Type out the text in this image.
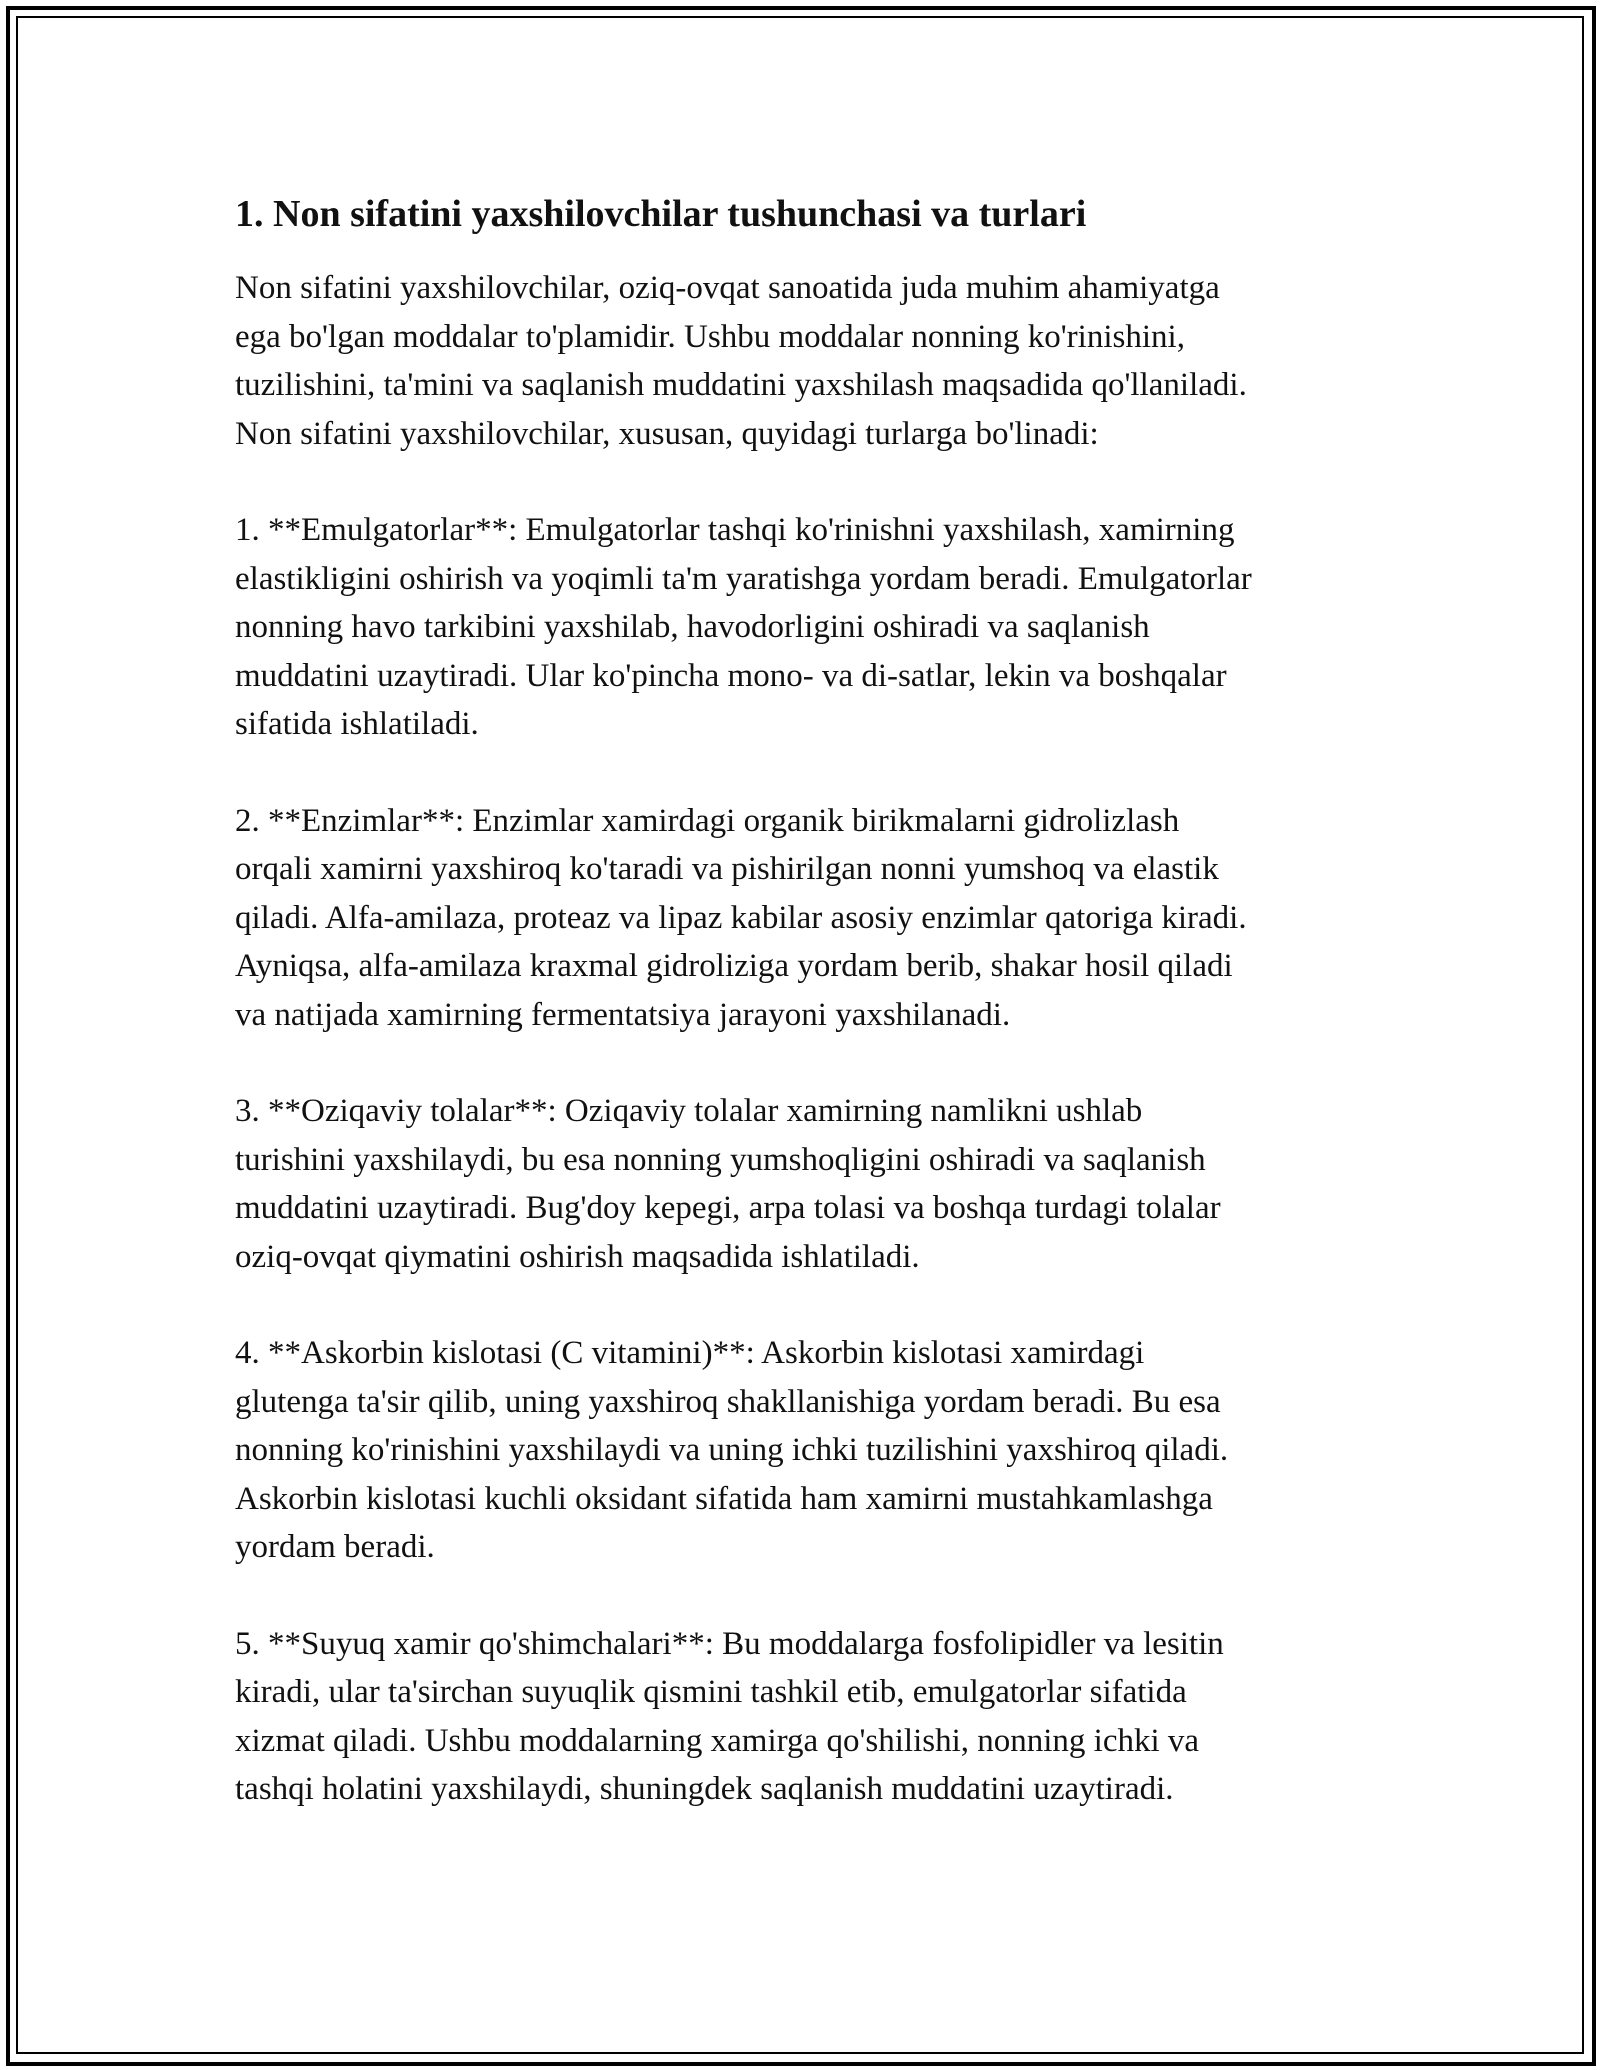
1. Non sifatini yaxshilovchilar tushunchasi va turlari

Non sifatini yaxshilovchilar, oziq-ovqat sanoatida juda muhim ahamiyatga
ega bo'lgan moddalar to'plamidir. Ushbu moddalar nonning ko'rinishini,
tuzilishini, ta'mini va saqlanish muddatini yaxshilash maqsadida qo'llaniladi.
Non sifatini yaxshilovchilar, xususan, quyidagi turlarga bo'linadi:

1. **Emulgatorlar**: Emulgatorlar tashqi ko'rinishni yaxshilash, xamirning
elastikligini oshirish va yoqimli ta'm yaratishga yordam beradi. Emulgatorlar
nonning havo tarkibini yaxshilab, havodorligini oshiradi va saqlanish
muddatini uzaytiradi. Ular ko'pincha mono- va di-satlar, lekin va boshqalar
sifatida ishlatiladi.

2. **Enzimlar**: Enzimlar xamirdagi organik birikmalarni gidrolizlash
orqali xamirni yaxshiroq ko'taradi va pishirilgan nonni yumshoq va elastik
qiladi. Alfa-amilaza, proteaz va lipaz kabilar asosiy enzimlar qatoriga kiradi.
Ayniqsa, alfa-amilaza kraxmal gidroliziga yordam berib, shakar hosil qiladi
va natijada xamirning fermentatsiya jarayoni yaxshilanadi.

3. **Oziqaviy tolalar**: Oziqaviy tolalar xamirning namlikni ushlab
turishini yaxshilaydi, bu esa nonning yumshoqligini oshiradi va saqlanish
muddatini uzaytiradi. Bug'doy kepegi, arpa tolasi va boshqa turdagi tolalar
oziq-ovqat qiymatini oshirish maqsadida ishlatiladi.

4. **Askorbin kislotasi (C vitamini)**: Askorbin kislotasi xamirdagi
glutenga ta'sir qilib, uning yaxshiroq shakllanishiga yordam beradi. Bu esa
nonning ko'rinishini yaxshilaydi va uning ichki tuzilishini yaxshiroq qiladi.
Askorbin kislotasi kuchli oksidant sifatida ham xamirni mustahkamlashga
yordam beradi.

5. **Suyuq xamir qo'shimchalari**: Bu moddalarga fosfolipidler va lesitin
kiradi, ular ta'sirchan suyuqlik qismini tashkil etib, emulgatorlar sifatida
xizmat qiladi. Ushbu moddalarning xamirga qo'shilishi, nonning ichki va
tashqi holatini yaxshilaydi, shuningdek saqlanish muddatini uzaytiradi.
